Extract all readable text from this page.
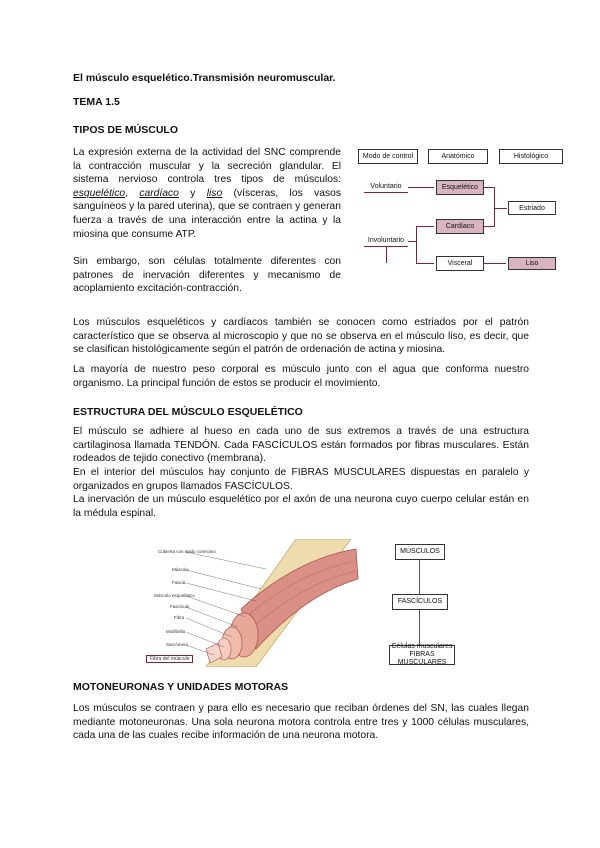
El músculo esquelético.Transmisión neuromuscular.
TEMA 1.5
TIPOS DE MÚSCULO
La expresión externa de la actividad del SNC comprende la contracción muscular y la secreción glandular. El sistema nervioso controla tres tipos de músculos: esquelético, cardíaco y liso (vísceras, los vasos sanguíneos y la pared uterina), que se contraen y generan fuerza a través de una interacción entre la actina y la miosina que consume ATP.
Sin embargo, son células totalmente diferentes con patrones de inervación diferentes y mecanismo de acoplamiento excitación-contracción.
Modo de control	Anatómico	Histológico
Voluntario	Esquelético
Estriado
Cardíaco
Involuntario
Visceral	Liso
Los músculos esqueléticos y cardíacos también se conocen como estriados por el patrón característico que se observa al microscopio y que no se observa en el músculo liso, es decir, que se clasifican histológicamente según el patrón de ordenación de actina y miosina.
La mayoría de nuestro peso corporal es músculo junto con el agua que conforma nuestro organismo. La principal función de estos se producir el movimiento.
ESTRUCTURA DEL MÚSCULO ESQUELÉTICO
El músculo se adhiere al hueso en cada uno de sus extremos a través de una estructura cartilaginosa llamada TENDÓN. Cada FASCÍCULOS están formados por fibras musculares. Están rodeados de tejido conectivo (membrana).
En el interior del músculos hay conjunto de FIBRAS MUSCULARES dispuestas en paralelo y organizados en grupos llamados FASCÍCULOS.
La inervación de un músculo esquelético por el axón de una neurona cuyo cuerpo celular están en la médula espinal.
Cubierta con tejido conectivo
Músculo
Fascia
Músculo esquelético
Fascículo
Fibra
Miofibrilla
Sarcómero
Fibra del músculo
MÚSCULOS
FASCÍCULOS
Células musculares
FIBRAS MUSCULARES
MOTONEURONAS Y UNIDADES MOTORAS
Los músculos se contraen y para ello es necesario que reciban órdenes del SN, las cuales llegan mediante motoneuronas. Una sola neurona motora controla entre tres y 1000 células musculares, cada una de las cuales recibe información de una neurona motora.
